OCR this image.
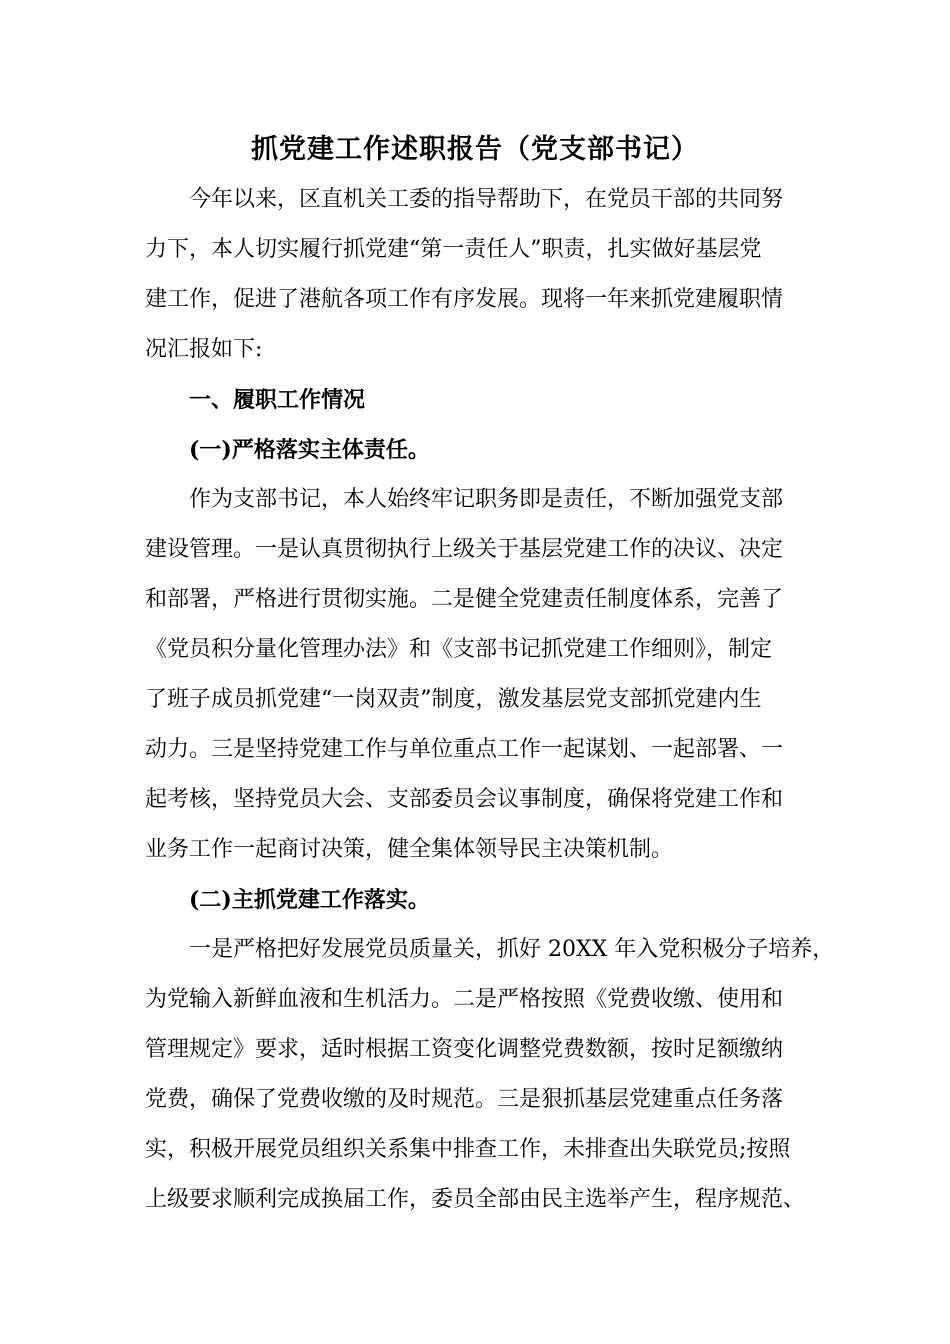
抓党建工作述职报告（党支部书记）

　　今年以来，区直机关工委的指导帮助下，在党员干部的共同努

力下，本人切实履行抓党建“第一责任人”职责，扎实做好基层党

建工作，促进了港航各项工作有序发展。现将一年来抓党建履职情

况汇报如下:

　　一、履职工作情况

　　(一)严格落实主体责任。

　　作为支部书记，本人始终牢记职务即是责任，不断加强党支部

建设管理。一是认真贯彻执行上级关于基层党建工作的决议、决定

和部署，严格进行贯彻实施。二是健全党建责任制度体系，完善了

《党员积分量化管理办法》和《支部书记抓党建工作细则》，制定

了班子成员抓党建“一岗双责”制度，激发基层党支部抓党建内生

动力。三是坚持党建工作与单位重点工作一起谋划、一起部署、一

起考核，坚持党员大会、支部委员会议事制度，确保将党建工作和

业务工作一起商讨决策，健全集体领导民主决策机制。

　　(二)主抓党建工作落实。

　　一是严格把好发展党员质量关，抓好 20XX 年入党积极分子培养，

为党输入新鲜血液和生机活力。二是严格按照《党费收缴、使用和

管理规定》要求，适时根据工资变化调整党费数额，按时足额缴纳

党费，确保了党费收缴的及时规范。三是狠抓基层党建重点任务落

实，积极开展党员组织关系集中排查工作，未排查出失联党员;按照

上级要求顺利完成换届工作，委员全部由民主选举产生，程序规范、
